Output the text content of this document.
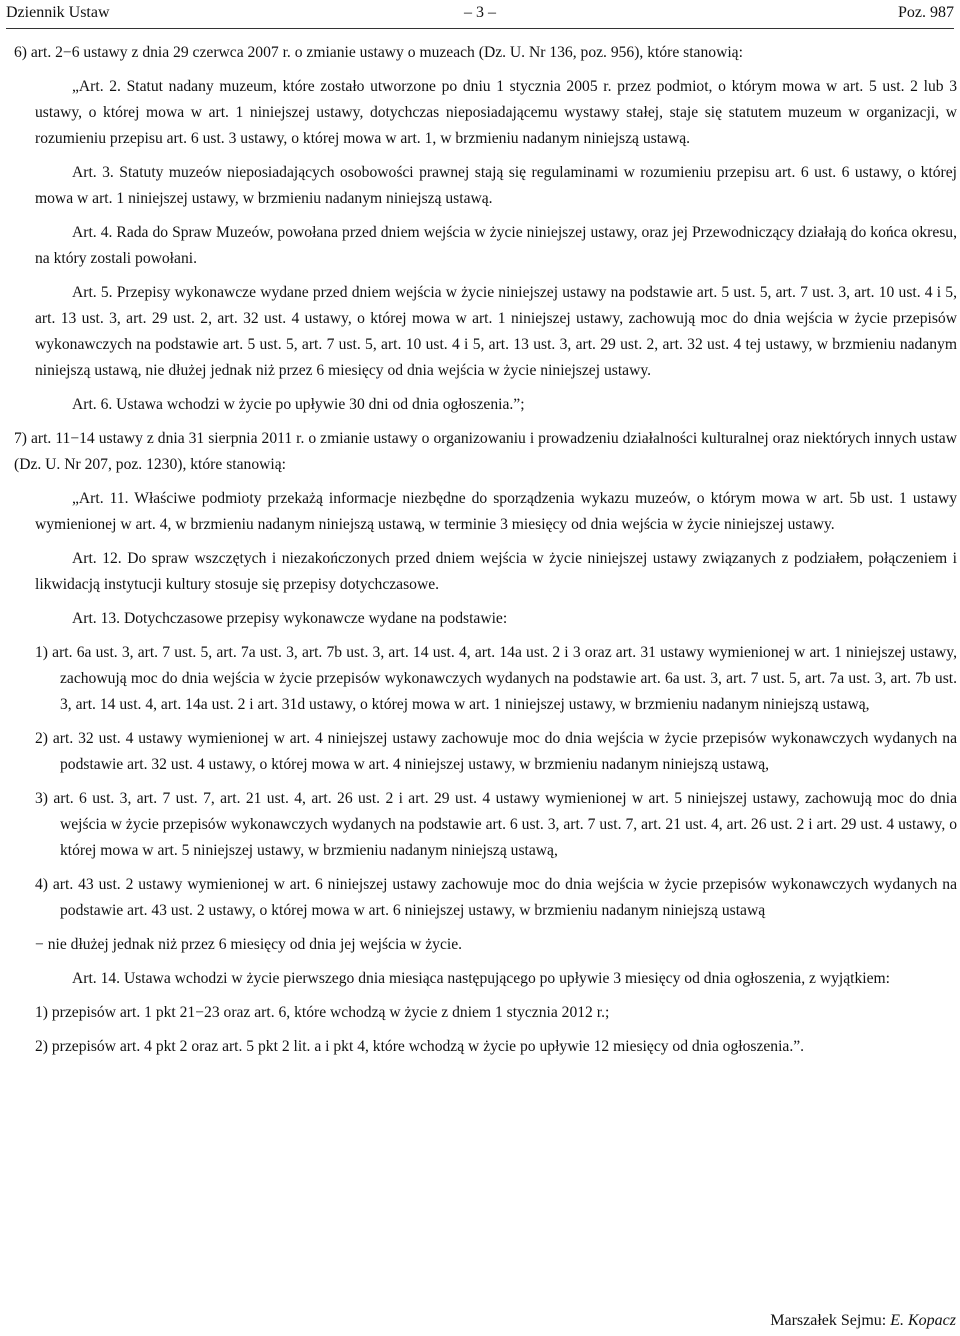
Dziennik Ustaw	– 3 –	Poz. 987

6) art. 2−6 ustawy z dnia 29 czerwca 2007 r. o zmianie ustawy o muzeach (Dz. U. Nr 136, poz. 956), które stanowią:

„Art. 2. Statut nadany muzeum, które zostało utworzone po dniu 1 stycznia 2005 r. przez podmiot, o którym mowa w art. 5 ust. 2 lub 3 ustawy, o której mowa w art. 1 niniejszej ustawy, dotychczas nieposiadającemu wystawy stałej, staje się statutem muzeum w organizacji, w rozumieniu przepisu art. 6 ust. 3 ustawy, o której mowa w art. 1, w brzmieniu nadanym niniejszą ustawą.

Art. 3. Statuty muzeów nieposiadających osobowości prawnej stają się regulaminami w rozumieniu przepisu art. 6 ust. 6 ustawy, o której mowa w art. 1 niniejszej ustawy, w brzmieniu nadanym niniejszą ustawą.

Art. 4. Rada do Spraw Muzeów, powołana przed dniem wejścia w życie niniejszej ustawy, oraz jej Przewodniczący działają do końca okresu, na który zostali powołani.

Art. 5. Przepisy wykonawcze wydane przed dniem wejścia w życie niniejszej ustawy na podstawie art. 5 ust. 5, art. 7 ust. 3, art. 10 ust. 4 i 5, art. 13 ust. 3, art. 29 ust. 2, art. 32 ust. 4 ustawy, o której mowa w art. 1 niniejszej ustawy, zachowują moc do dnia wejścia w życie przepisów wykonawczych na podstawie art. 5 ust. 5, art. 7 ust. 5, art. 10 ust. 4 i 5, art. 13 ust. 3, art. 29 ust. 2, art. 32 ust. 4 tej ustawy, w brzmieniu nadanym niniejszą ustawą, nie dłużej jednak niż przez 6 miesięcy od dnia wejścia w życie niniejszej ustawy.

Art. 6. Ustawa wchodzi w życie po upływie 30 dni od dnia ogłoszenia.”;

7) art. 11−14 ustawy z dnia 31 sierpnia 2011 r. o zmianie ustawy o organizowaniu i prowadzeniu działalności kulturalnej oraz niektórych innych ustaw (Dz. U. Nr 207, poz. 1230), które stanowią:

„Art. 11. Właściwe podmioty przekażą informacje niezbędne do sporządzenia wykazu muzeów, o którym mowa w art. 5b ust. 1 ustawy wymienionej w art. 4, w brzmieniu nadanym niniejszą ustawą, w terminie 3 miesięcy od dnia wejścia w życie niniejszej ustawy.

Art. 12. Do spraw wszczętych i niezakończonych przed dniem wejścia w życie niniejszej ustawy związanych z podziałem, połączeniem i likwidacją instytucji kultury stosuje się przepisy dotychczasowe.

Art. 13. Dotychczasowe przepisy wykonawcze wydane na podstawie:

1) art. 6a ust. 3, art. 7 ust. 5, art. 7a ust. 3, art. 7b ust. 3, art. 14 ust. 4, art. 14a ust. 2 i 3 oraz art. 31 ustawy wymienionej w art. 1 niniejszej ustawy, zachowują moc do dnia wejścia w życie przepisów wykonawczych wydanych na podstawie art. 6a ust. 3, art. 7 ust. 5, art. 7a ust. 3, art. 7b ust. 3, art. 14 ust. 4, art. 14a ust. 2 i art. 31d ustawy, o której mowa w art. 1 niniejszej ustawy, w brzmieniu nadanym niniejszą ustawą,

2) art. 32 ust. 4 ustawy wymienionej w art. 4 niniejszej ustawy zachowuje moc do dnia wejścia w życie przepisów wykonawczych wydanych na podstawie art. 32 ust. 4 ustawy, o której mowa w art. 4 niniejszej ustawy, w brzmieniu nadanym niniejszą ustawą,

3) art. 6 ust. 3, art. 7 ust. 7, art. 21 ust. 4, art. 26 ust. 2 i art. 29 ust. 4 ustawy wymienionej w art. 5 niniejszej ustawy, zachowują moc do dnia wejścia w życie przepisów wykonawczych wydanych na podstawie art. 6 ust. 3, art. 7 ust. 7, art. 21 ust. 4, art. 26 ust. 2 i art. 29 ust. 4 ustawy, o której mowa w art. 5 niniejszej ustawy, w brzmieniu nadanym niniejszą ustawą,

4) art. 43 ust. 2 ustawy wymienionej w art. 6 niniejszej ustawy zachowuje moc do dnia wejścia w życie przepisów wykonawczych wydanych na podstawie art. 43 ust. 2 ustawy, o której mowa w art. 6 niniejszej ustawy, w brzmieniu nadanym niniejszą ustawą

− nie dłużej jednak niż przez 6 miesięcy od dnia jej wejścia w życie.

Art. 14. Ustawa wchodzi w życie pierwszego dnia miesiąca następującego po upływie 3 miesięcy od dnia ogłoszenia, z wyjątkiem:

1) przepisów art. 1 pkt 21−23 oraz art. 6, które wchodzą w życie z dniem 1 stycznia 2012 r.;

2) przepisów art. 4 pkt 2 oraz art. 5 pkt 2 lit. a i pkt 4, które wchodzą w życie po upływie 12 miesięcy od dnia ogłoszenia.”.

Marszałek Sejmu: E. Kopacz
